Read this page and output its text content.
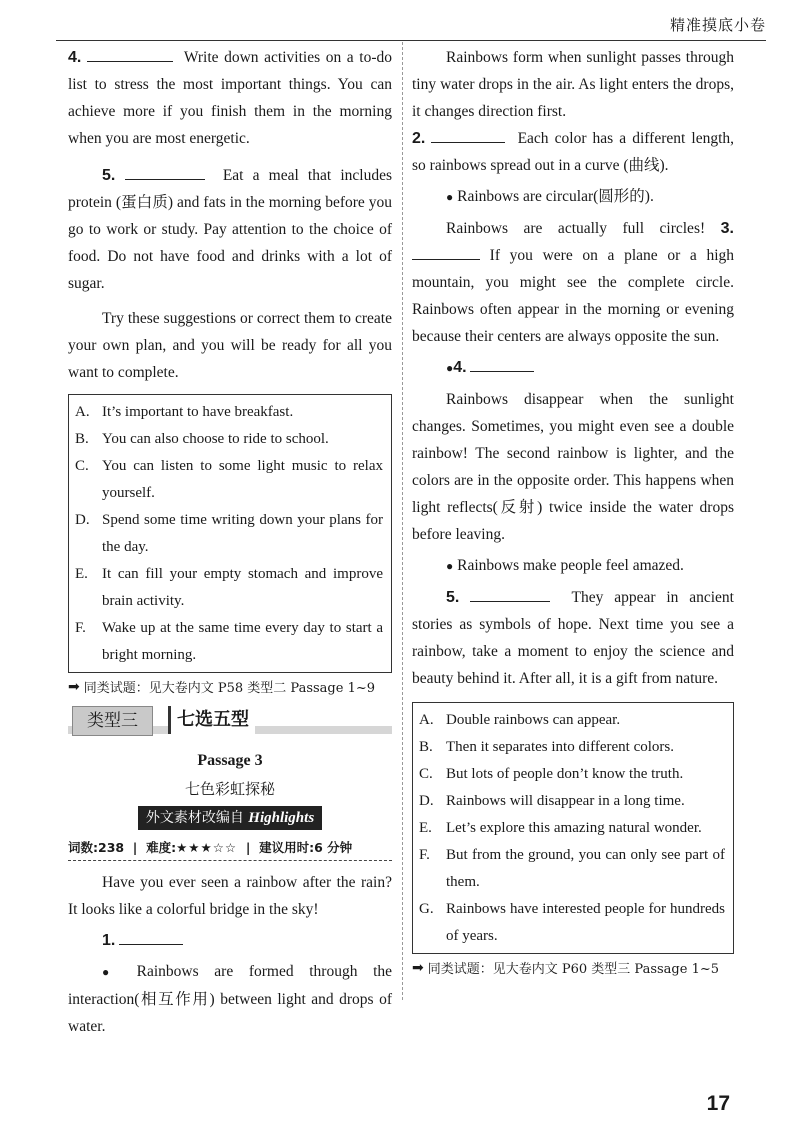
精准摸底小卷

4.	Write down activities on a to-do list to stress the most important things. You can achieve more if you finish them in the morning when you are most energetic.

5.	Eat a meal that includes protein (蛋白质) and fats in the morning before you go to work or study. Pay attention to the choice of food. Do not have food and drinks with a lot of sugar.

Try these suggestions or correct them to create your own plan, and you will be ready for all you want to complete.

A. It’s important to have breakfast.
B. You can also choose to ride to school.
C. You can listen to some light music to relax yourself.
D. Spend some time writing down your plans for the day.
E. It can fill your empty stomach and improve brain activity.
F.	Wake up at the same time every day to start a bright morning.
➡ 同类试题：见大卷内文 P58 类型二 Passage 1~9
类型三	七选五型
Passage 3
七色彩虹探秘
外文素材改编自 Highlights
词数:238  |  难度:★★★☆☆  |  建议用时:6 分钟

Have you ever seen a rainbow after the rain? It looks like a colorful bridge in the sky!

1.

● Rainbows are formed through the interaction(相互作用) between light and drops of water.

Rainbows form when sunlight passes through tiny water drops in the air. As light enters the drops, it changes direction first.

2.	Each color has a different length, so rainbows spread out in a curve (曲线).

● Rainbows are circular(圆形的).

Rainbows are actually full circles! 3.  If you were on a plane or a high mountain, you might see the complete circle. Rainbows often appear in the morning or evening because their centers are always opposite the sun.

●4.

Rainbows disappear when the sunlight changes. Sometimes, you might even see a double rainbow! The second rainbow is lighter, and the colors are in the opposite order. This happens when light reflects(反射) twice inside the water drops before leaving.

● Rainbows make people feel amazed.

5.	They appear in ancient stories as symbols of hope. Next time you see a rainbow, take a moment to enjoy the science and beauty behind it. After all, it is a gift from nature.

A. Double rainbows can appear.
B. Then it separates into different colors.
C. But lots of people don’t know the truth.
D. Rainbows will disappear in a long time.
E. Let’s explore this amazing natural wonder.
F.	But from the ground, you can only see part of them.
G. Rainbows have interested people for hundreds of years.
➡ 同类试题：见大卷内文 P60 类型三 Passage 1~5
17
